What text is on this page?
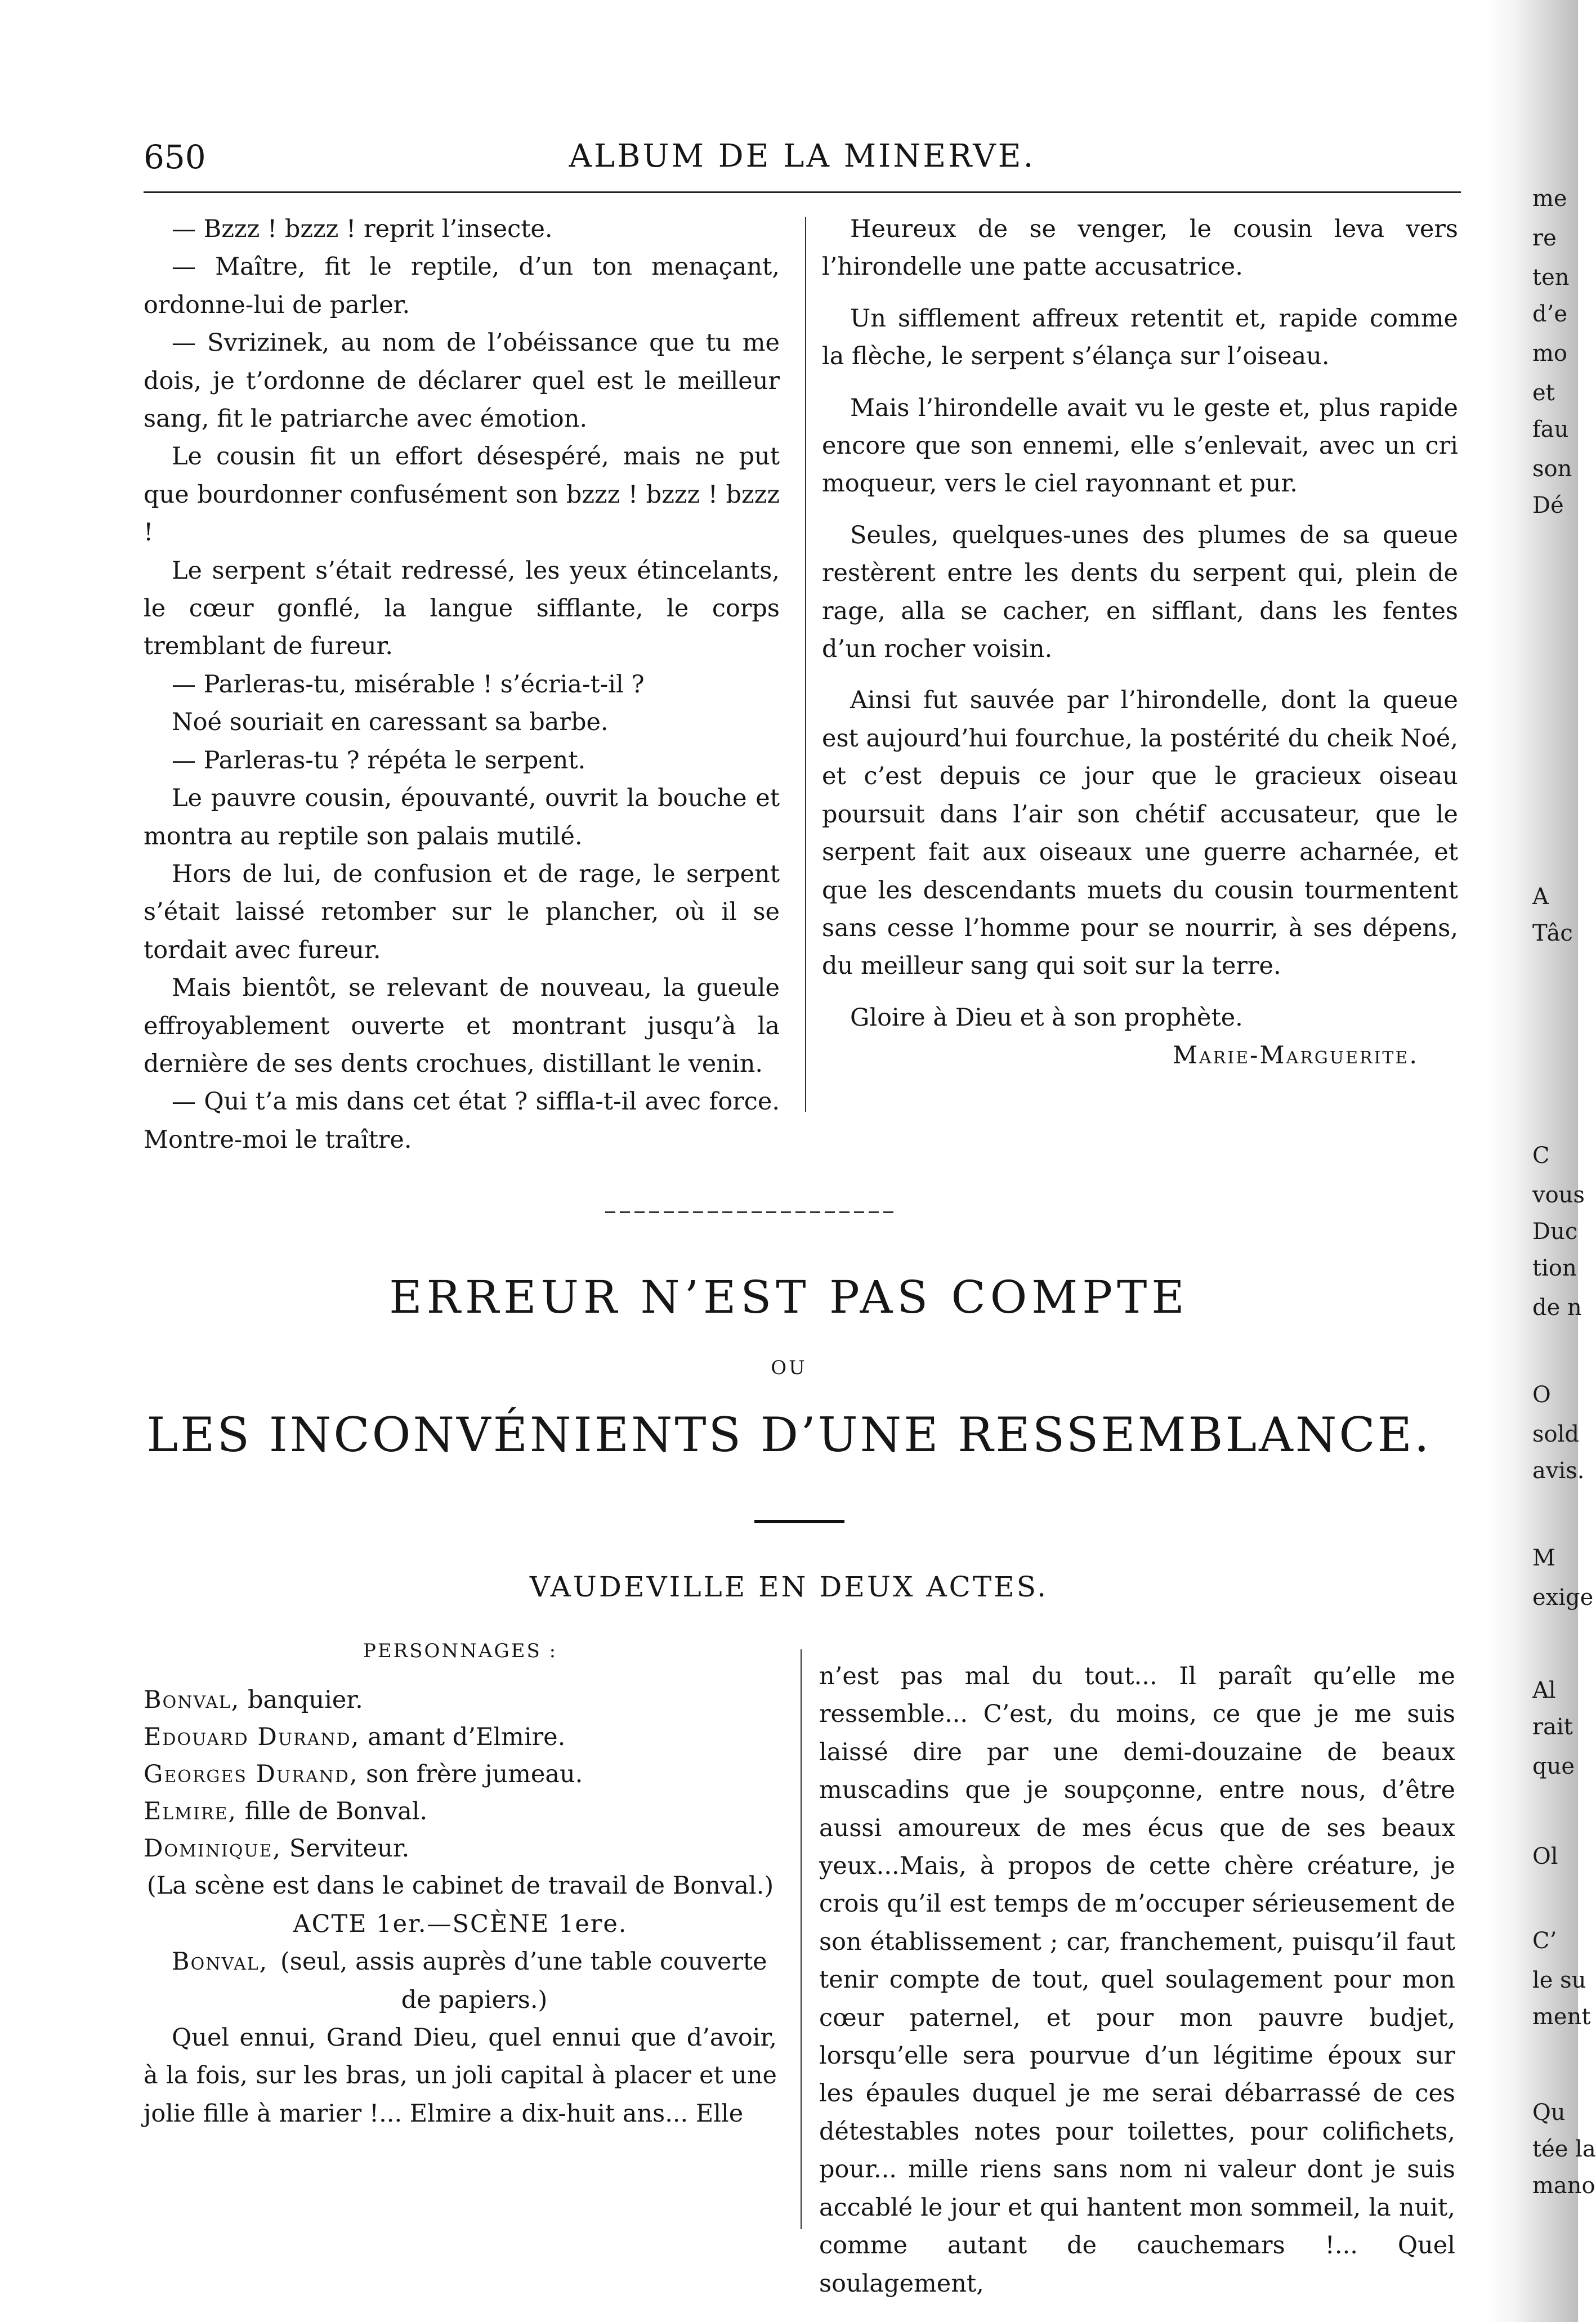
650	ALBUM DE LA MINERVE.

— Bzzz ! bzzz ! reprit l’insecte.

— Maître, fit le reptile, d’un ton menaçant, ordonne-lui de parler.

— Svrizinek, au nom de l’obéissance que tu me dois, je t’ordonne de déclarer quel est le meilleur sang, fit le patriarche avec émotion.

Le cousin fit un effort désespéré, mais ne put que bourdonner confusément son bzzz ! bzzz ! bzzz !

Le serpent s’était redressé, les yeux étincelants, le cœur gonflé, la langue sifflante, le corps tremblant de fureur.

— Parleras-tu, misérable ! s’écria-t-il ?

Noé souriait en caressant sa barbe.

— Parleras-tu ? répéta le serpent.

Le pauvre cousin, épouvanté, ouvrit la bouche et montra au reptile son palais mutilé.

Hors de lui, de confusion et de rage, le serpent s’était laissé retomber sur le plancher, où il se tordait avec fureur.

Mais bientôt, se relevant de nouveau, la gueule effroyablement ouverte et montrant jusqu’à la dernière de ses dents crochues, distillant le venin.

— Qui t’a mis dans cet état ? siffla-t-il avec force. Montre-moi le traître.

Heureux de se venger, le cousin leva vers l’hirondelle une patte accusatrice.

Un sifflement affreux retentit et, rapide comme la flèche, le serpent s’élança sur l’oiseau.

Mais l’hirondelle avait vu le geste et, plus rapide encore que son ennemi, elle s’enlevait, avec un cri moqueur, vers le ciel rayonnant et pur.

Seules, quelques-unes des plumes de sa queue restèrent entre les dents du serpent qui, plein de rage, alla se cacher, en sifflant, dans les fentes d’un rocher voisin.

Ainsi fut sauvée par l’hirondelle, dont la queue est aujourd’hui fourchue, la postérité du cheik Noé, et c’est depuis ce jour que le gracieux oiseau poursuit dans l’air son chétif accusateur, que le serpent fait aux oiseaux une guerre acharnée, et que les descendants muets du cousin tourmentent sans cesse l’homme pour se nourrir, à ses dépens, du meilleur sang qui soit sur la terre.

Gloire à Dieu et à son prophète.

Marie-Marguerite.

ERREUR N’EST PAS COMPTE
OU
LES INCONVÉNIENTS D’UNE RESSEMBLANCE.
VAUDEVILLE EN DEUX ACTES.
PERSONNAGES :
Bonval, banquier.
Edouard Durand, amant d’Elmire.
Georges Durand, son frère jumeau.
Elmire, fille de Bonval.
Dominique, Serviteur.

(La scène est dans le cabinet de travail de Bonval.)

ACTE 1er.—SCÈNE 1ere.

Bonval, (seul, assis auprès d’une table couverte
de papiers.)

Quel ennui, Grand Dieu, quel ennui que d’avoir, à la fois, sur les bras, un joli capital à placer et une jolie fille à marier !... Elmire a dix-huit ans... Elle

n’est pas mal du tout... Il paraît qu’elle me ressemble... C’est, du moins, ce que je me suis laissé dire par une demi-douzaine de beaux muscadins que je soupçonne, entre nous, d’être aussi amoureux de mes écus que de ses beaux yeux...Mais, à propos de cette chère créature, je crois qu’il est temps de m’occuper sérieusement de son établissement ; car, franchement, puisqu’il faut tenir compte de tout, quel soulagement pour mon cœur paternel, et pour mon pauvre budjet, lorsqu’elle sera pourvue d’un légitime époux sur les épaules duquel je me serai débarrassé de ces détestables notes pour toilettes, pour colifichets, pour... mille riens sans nom ni valeur dont je suis accablé le jour et qui hantent mon sommeil, la nuit, comme autant de cauchemars !... Quel soulagement,

me
re
ten
d’e
mo
et
fau
son
Dé
A
Tâc
C
vous
Duc
tion
de n
O
sold
avis.
M
exige
Al
rait
que
Ol
C’
le su
ment
Qu
tée la
mano
